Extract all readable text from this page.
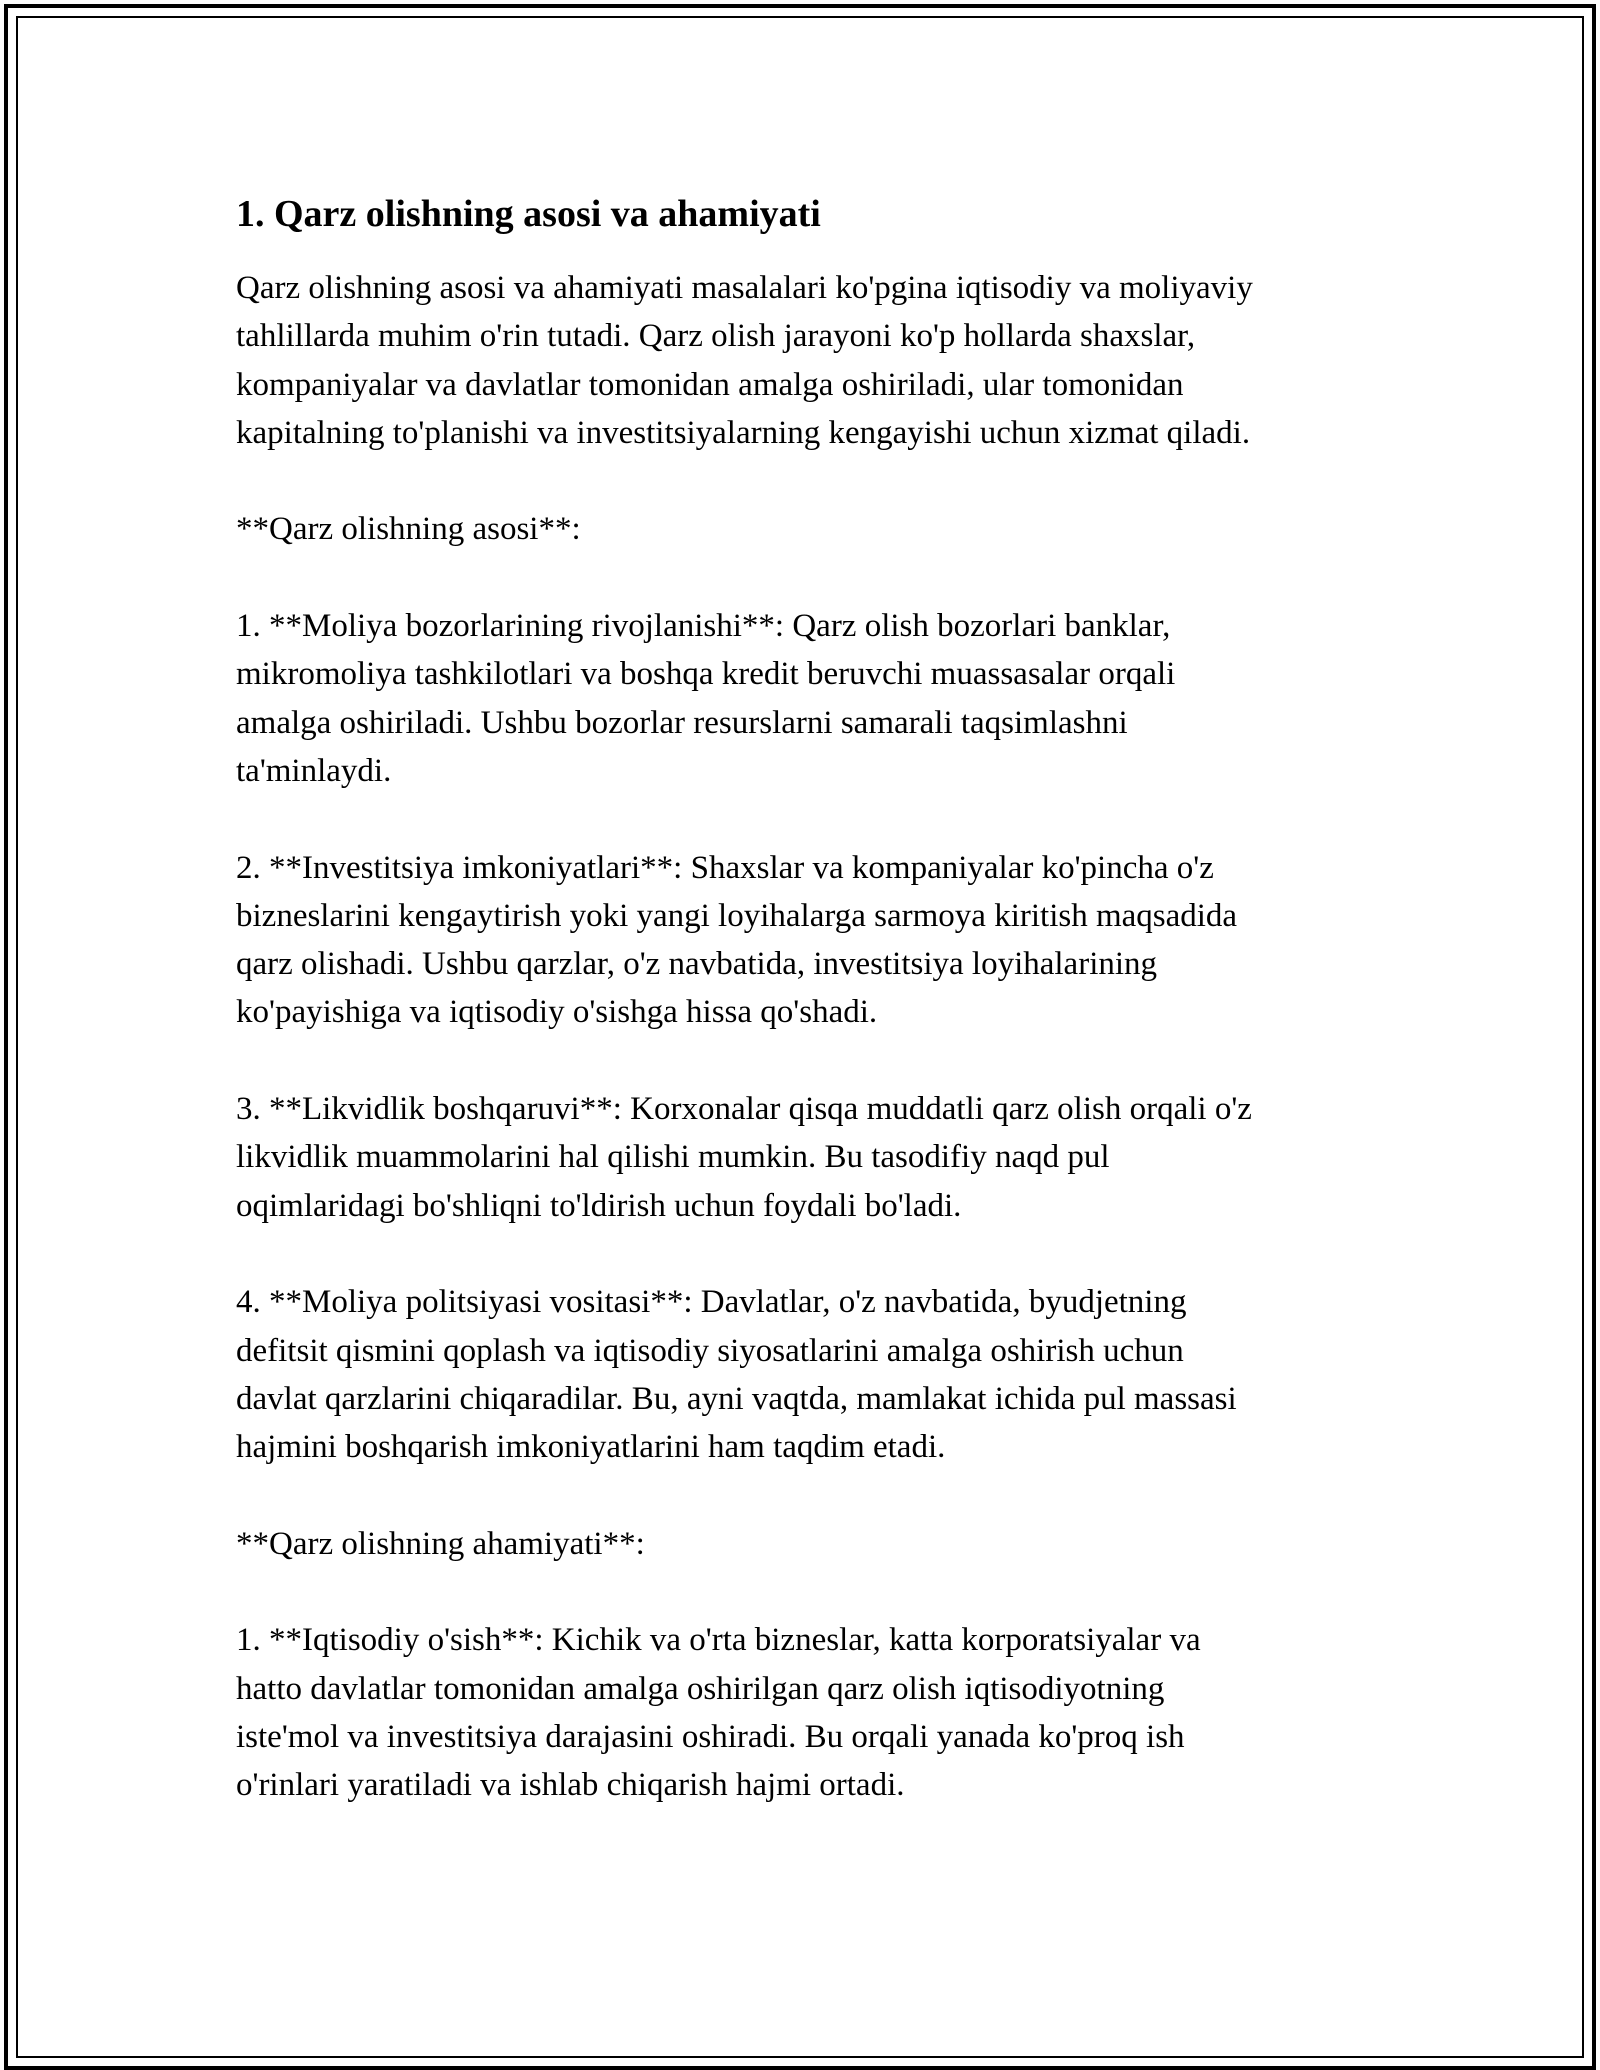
1. Qarz olishning asosi va ahamiyati
Qarz olishning asosi va ahamiyati masalalari ko'pgina iqtisodiy va moliyaviy
tahlillarda muhim o'rin tutadi. Qarz olish jarayoni ko'p hollarda shaxslar,
kompaniyalar va davlatlar tomonidan amalga oshiriladi, ular tomonidan
kapitalning to'planishi va investitsiyalarning kengayishi uchun xizmat qiladi.
**Qarz olishning asosi**:
1. **Moliya bozorlarining rivojlanishi**: Qarz olish bozorlari banklar,
mikromoliya tashkilotlari va boshqa kredit beruvchi muassasalar orqali
amalga oshiriladi. Ushbu bozorlar resurslarni samarali taqsimlashni
ta'minlaydi.
2. **Investitsiya imkoniyatlari**: Shaxslar va kompaniyalar ko'pincha o'z
bizneslarini kengaytirish yoki yangi loyihalarga sarmoya kiritish maqsadida
qarz olishadi. Ushbu qarzlar, o'z navbatida, investitsiya loyihalarining
ko'payishiga va iqtisodiy o'sishga hissa qo'shadi.
3. **Likvidlik boshqaruvi**: Korxonalar qisqa muddatli qarz olish orqali o'z
likvidlik muammolarini hal qilishi mumkin. Bu tasodifiy naqd pul
oqimlaridagi bo'shliqni to'ldirish uchun foydali bo'ladi.
4. **Moliya politsiyasi vositasi**: Davlatlar, o'z navbatida, byudjetning
defitsit qismini qoplash va iqtisodiy siyosatlarini amalga oshirish uchun
davlat qarzlarini chiqaradilar. Bu, ayni vaqtda, mamlakat ichida pul massasi
hajmini boshqarish imkoniyatlarini ham taqdim etadi.
**Qarz olishning ahamiyati**:
1. **Iqtisodiy o'sish**: Kichik va o'rta bizneslar, katta korporatsiyalar va
hatto davlatlar tomonidan amalga oshirilgan qarz olish iqtisodiyotning
iste'mol va investitsiya darajasini oshiradi. Bu orqali yanada ko'proq ish
o'rinlari yaratiladi va ishlab chiqarish hajmi ortadi.
